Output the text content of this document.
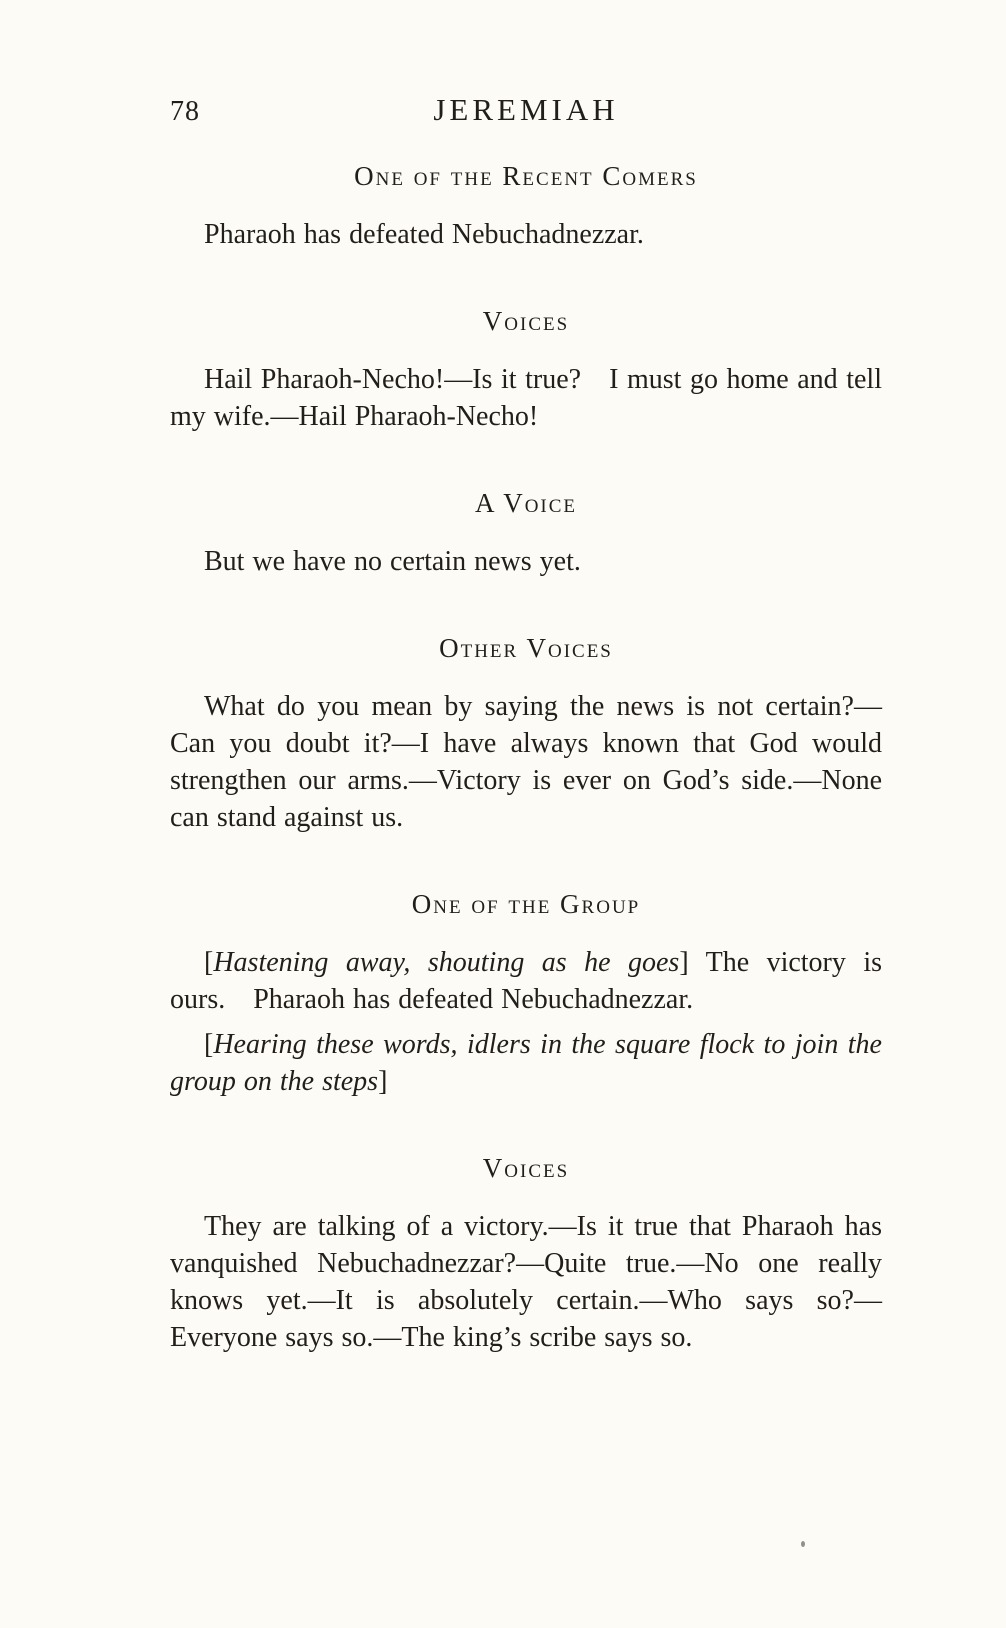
78	JEREMIAH
One of the Recent Comers

Pharaoh has defeated Nebuchadnezzar.

Voices

Hail Pharaoh-Necho!—Is it true? I must go home and tell my wife.—Hail Pharaoh-Necho!

A Voice

But we have no certain news yet.

Other Voices

What do you mean by saying the news is not certain?—Can you doubt it?—I have always known that God would strengthen our arms.—Victory is ever on God’s side.—None can stand against us.

One of the Group

[Hastening away, shouting as he goes] The victory is ours. Pharaoh has defeated Nebuchadnezzar.

[Hearing these words, idlers in the square flock to join the group on the steps]

Voices

They are talking of a victory.—Is it true that Pharaoh has vanquished Nebuchadnezzar?—Quite true.—No one really knows yet.—It is absolutely certain.—Who says so?—Everyone says so.—The king’s scribe says so.
